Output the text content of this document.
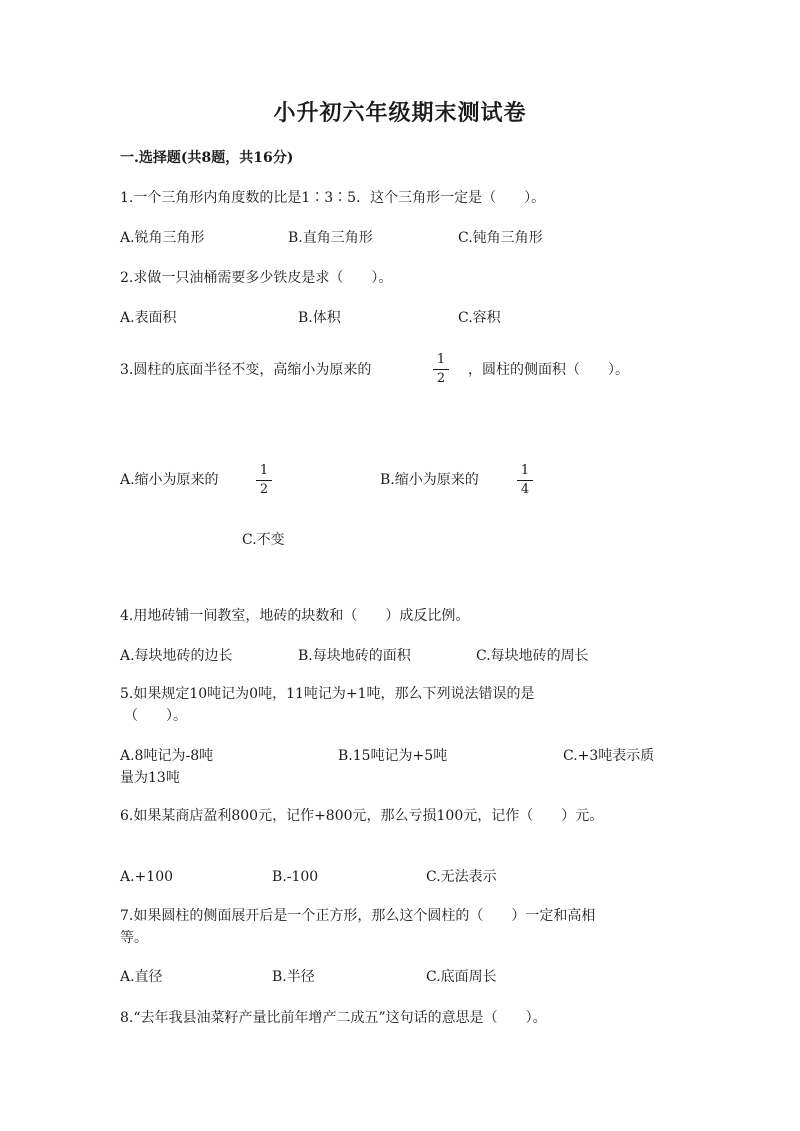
小升初六年级期末测试卷
一.选择题(共8题，共16分)
1.一个三角形内角度数的比是1∶3∶5．这个三角形一定是（　　）。
A.锐角三角形	B.直角三角形	C.钝角三角形
2.求做一只油桶需要多少铁皮是求（　　）。
A.表面积	B.体积	C.容积
3.圆柱的底面半径不变，高缩小为原来的
1
2
，圆柱的侧面积（　　）。
A.缩小为原来的
1
2
B.缩小为原来的
1
4
C.不变
4.用地砖铺一间教室，地砖的块数和（　　）成反比例。
A.每块地砖的边长	B.每块地砖的面积	C.每块地砖的周长
5.如果规定10吨记为0吨，11吨记为+1吨，那么下列说法错误的是
（　　）。
A.8吨记为-8吨	B.15吨记为+5吨	C.+3吨表示质
量为13吨
6.如果某商店盈利800元，记作+800元，那么亏损100元，记作（　　）元。
A.+100	B.-100	C.无法表示
7.如果圆柱的侧面展开后是一个正方形，那么这个圆柱的（　　）一定和高相
等。
A.直径	B.半径	C.底面周长
8.“去年我县油菜籽产量比前年增产二成五”这句话的意思是（　　）。
